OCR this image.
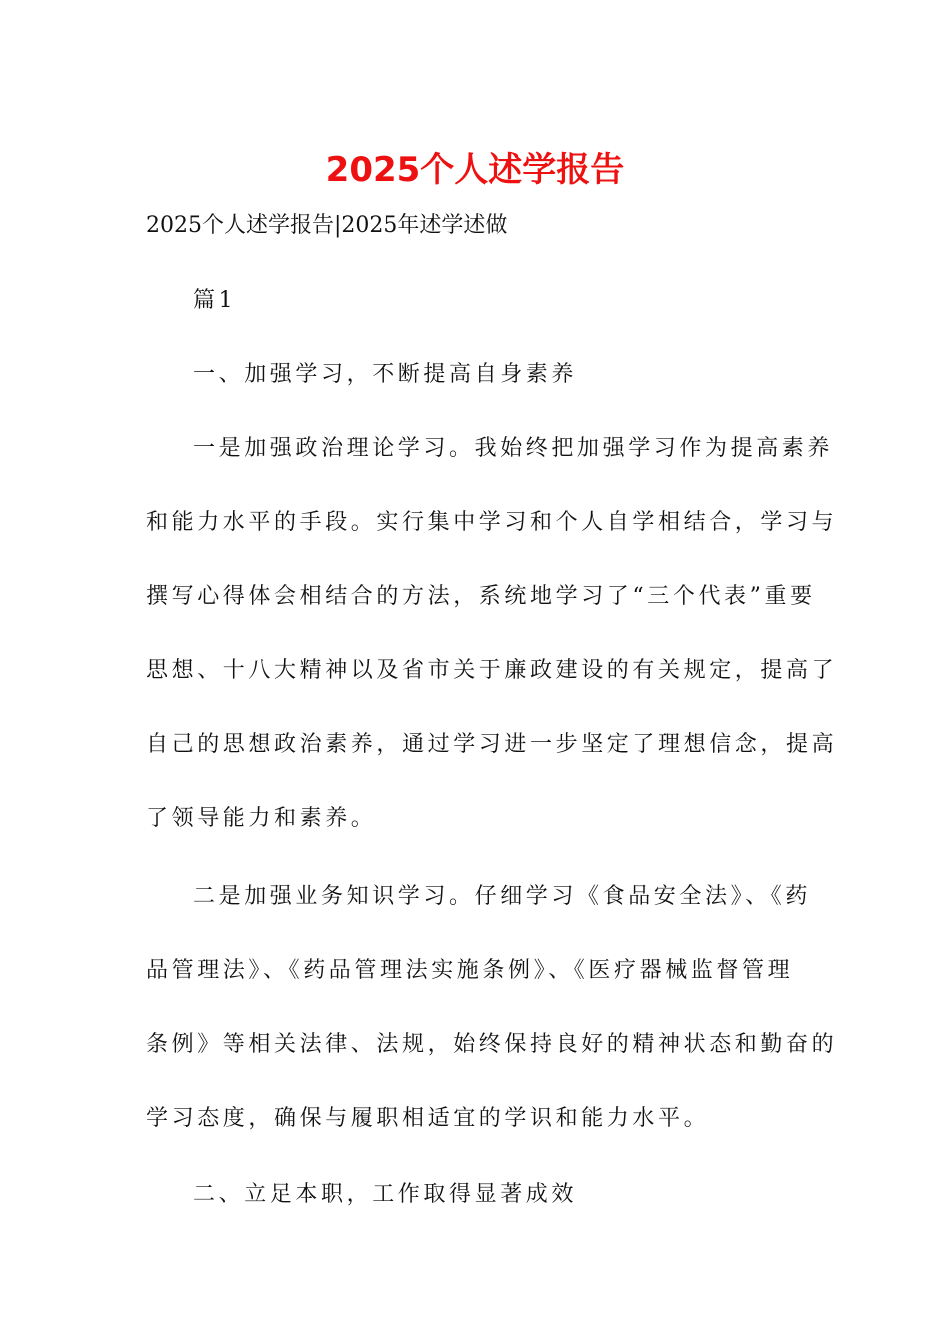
2025个人述学报告
2025个人述学报告|2025年述学述做
篇1
一、加强学习，不断提高自身素养
一是加强政治理论学习。我始终把加强学习作为提高素养
和能力水平的手段。实行集中学习和个人自学相结合，学习与
撰写心得体会相结合的方法，系统地学习了“三个代表”重要
思想、十八大精神以及省市关于廉政建设的有关规定，提高了
自己的思想政治素养，通过学习进一步坚定了理想信念，提高
了领导能力和素养。
二是加强业务知识学习。仔细学习《食品安全法》、《药
品管理法》、《药品管理法实施条例》、《医疗器械监督管理
条例》等相关法律、法规，始终保持良好的精神状态和勤奋的
学习态度，确保与履职相适宜的学识和能力水平。
二、立足本职，工作取得显著成效
